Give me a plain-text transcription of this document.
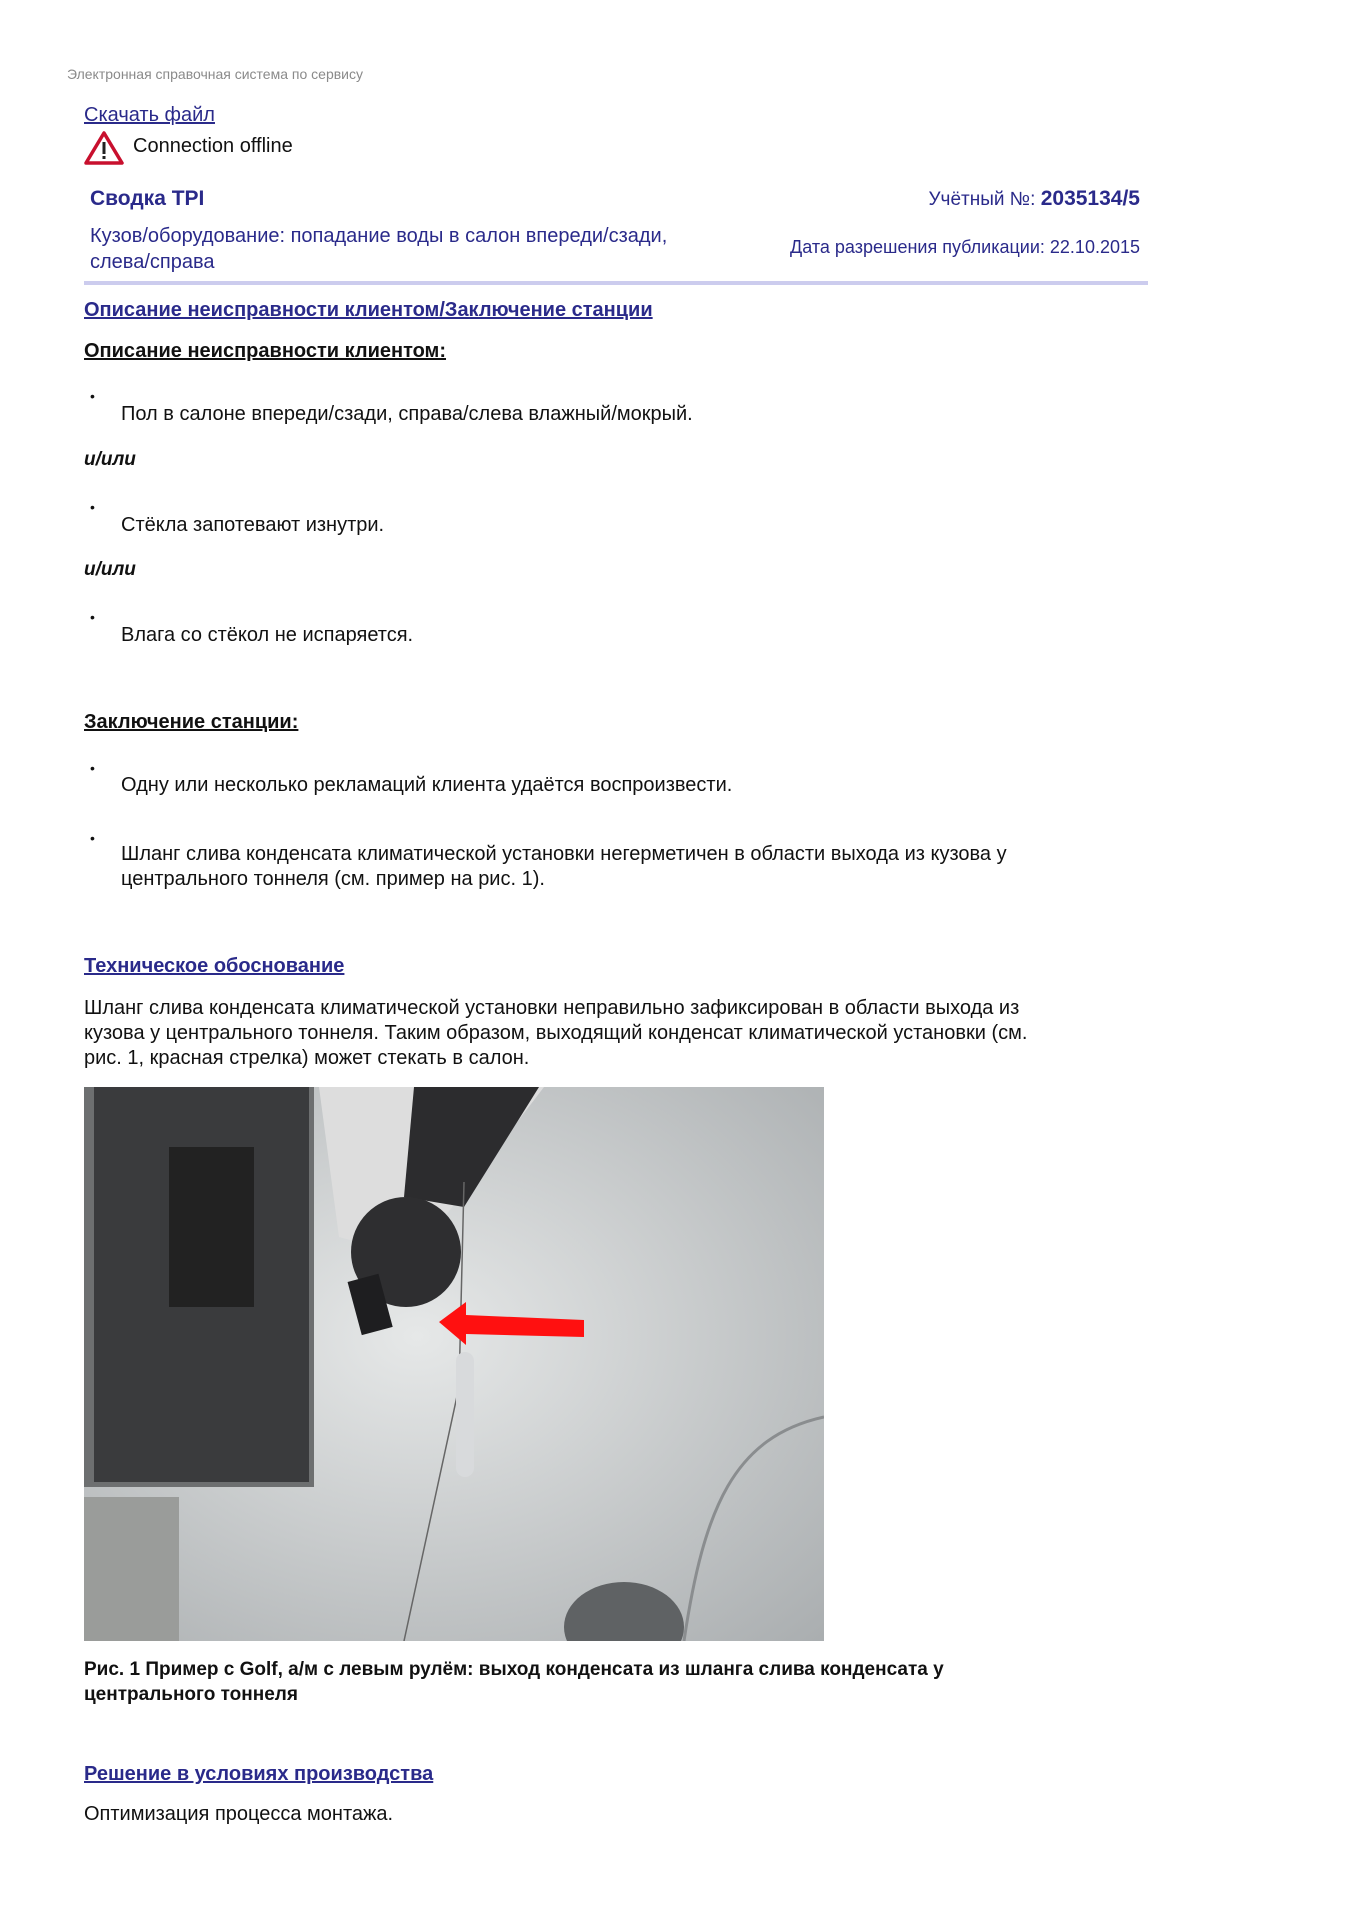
Электронная справочная система по сервису
Скачать файл
Connection offline
Сводка TPI	Учётный №: 2035134/5
Кузов/оборудование: попадание воды в салон впереди/сзади,
слева/справа
Дата разрешения публикации: 22.10.2015
Описание неисправности клиентом/Заключение станции
Описание неисправности клиентом:
•
Пол в салоне впереди/сзади, справа/слева влажный/мокрый.
и/или
•
Стёкла запотевают изнутри.
и/или
•
Влага со стёкол не испаряется.
Заключение станции:
•
Одну или несколько рекламаций клиента удаётся воспроизвести.
•
Шланг слива конденсата климатической установки негерметичен в области выхода из кузова у
центрального тоннеля (см. пример на рис. 1).
Техническое обоснование
Шланг слива конденсата климатической установки неправильно зафиксирован в области выхода из
кузова у центрального тоннеля. Таким образом, выходящий конденсат климатической установки (см.
рис. 1, красная стрелка) может стекать в салон.
Рис. 1 Пример с Golf, а/м с левым рулём: выход конденсата из шланга слива конденсата у
центрального тоннеля
Решение в условиях производства
Оптимизация процесса монтажа.
